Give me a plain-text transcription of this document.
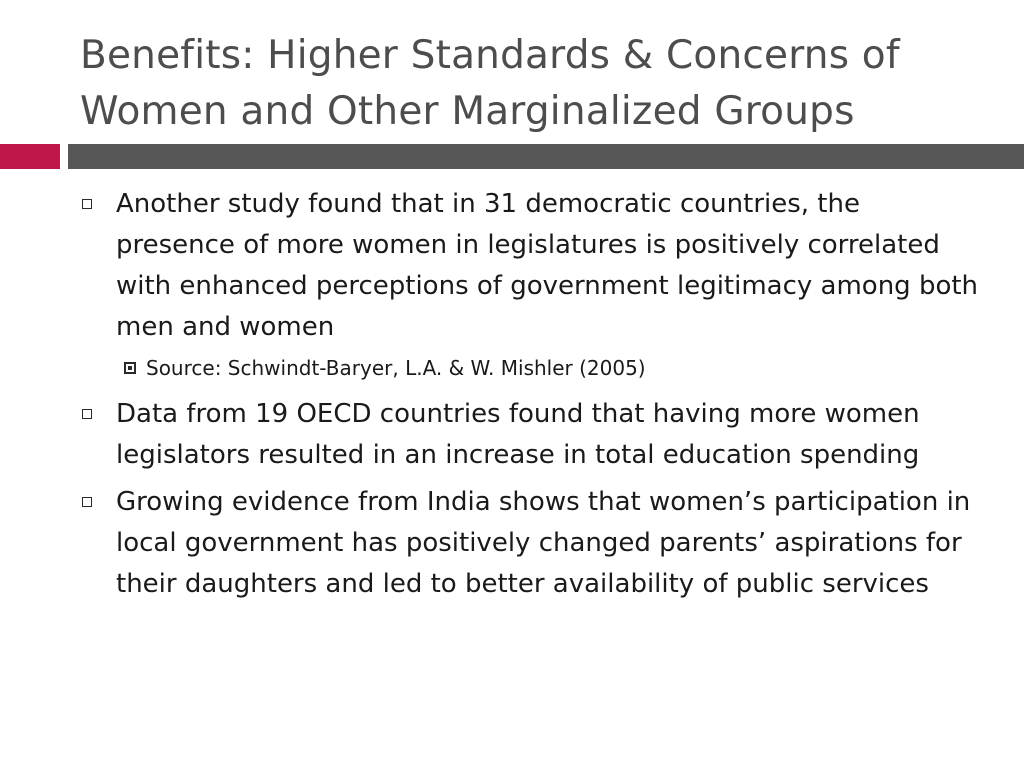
Benefits: Higher Standards & Concerns of Women and Other Marginalized Groups
Another study found that in 31 democratic countries, the presence of more women in legislatures is positively correlated with enhanced perceptions of government legitimacy among both men and women
Source: Schwindt-Baryer, L.A. & W. Mishler (2005)
Data from 19 OECD countries found that having more women legislators resulted in an increase in total education spending
Growing evidence from India shows that women’s participation in local government has positively changed parents’ aspirations for their daughters and led to better availability of public services
